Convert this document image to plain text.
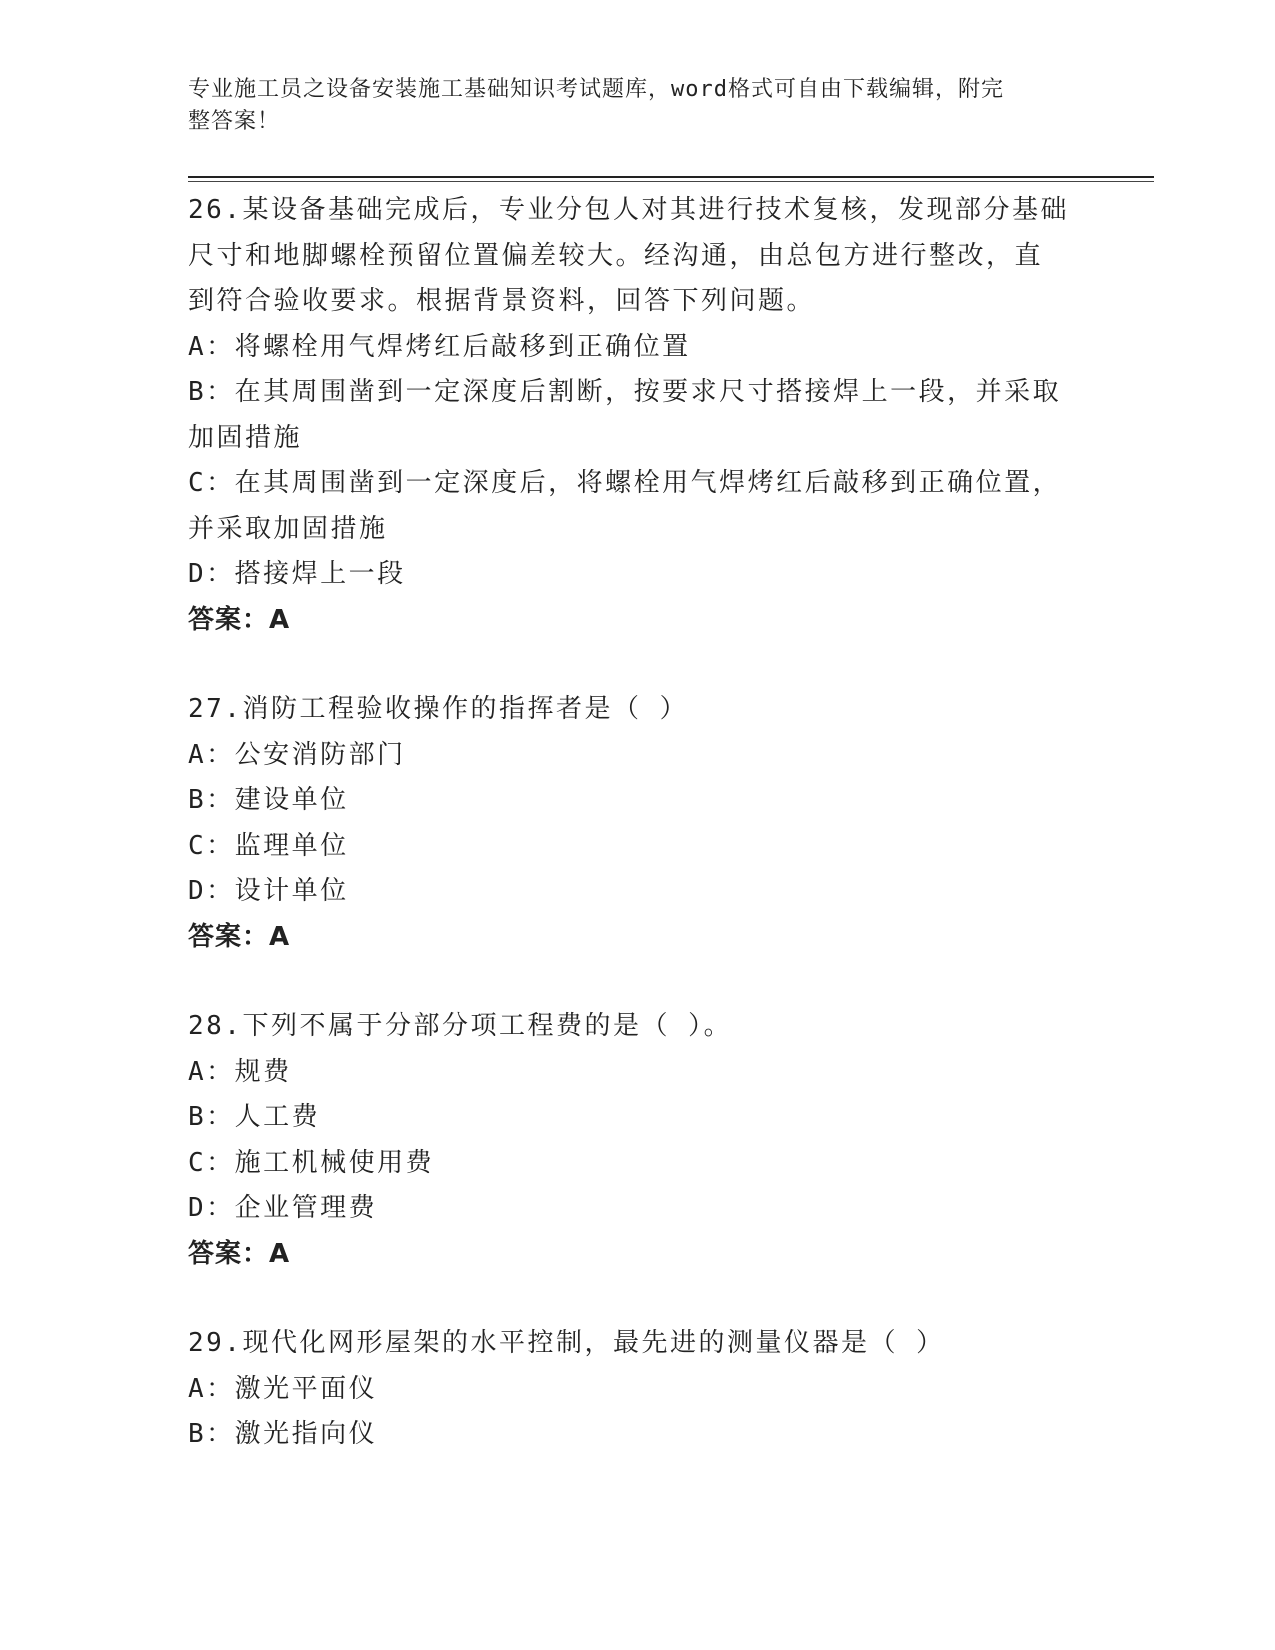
专业施工员之设备安装施工基础知识考试题库，word格式可自由下载编辑，附完
整答案！
26.某设备基础完成后，专业分包人对其进行技术复核，发现部分基础
尺寸和地脚螺栓预留位置偏差较大。经沟通，由总包方进行整改，直
到符合验收要求。根据背景资料，回答下列问题。
A：将螺栓用气焊烤红后敲移到正确位置
B：在其周围凿到一定深度后割断，按要求尺寸搭接焊上一段，并采取
加固措施
C：在其周围凿到一定深度后，将螺栓用气焊烤红后敲移到正确位置，
并采取加固措施
D：搭接焊上一段
答案：A
27.消防工程验收操作的指挥者是（ ）
A：公安消防部门
B：建设单位
C：监理单位
D：设计单位
答案：A
28.下列不属于分部分项工程费的是（ ）。
A：规费
B：人工费
C：施工机械使用费
D：企业管理费
答案：A
29.现代化网形屋架的水平控制，最先进的测量仪器是（ ）
A：激光平面仪
B：激光指向仪
